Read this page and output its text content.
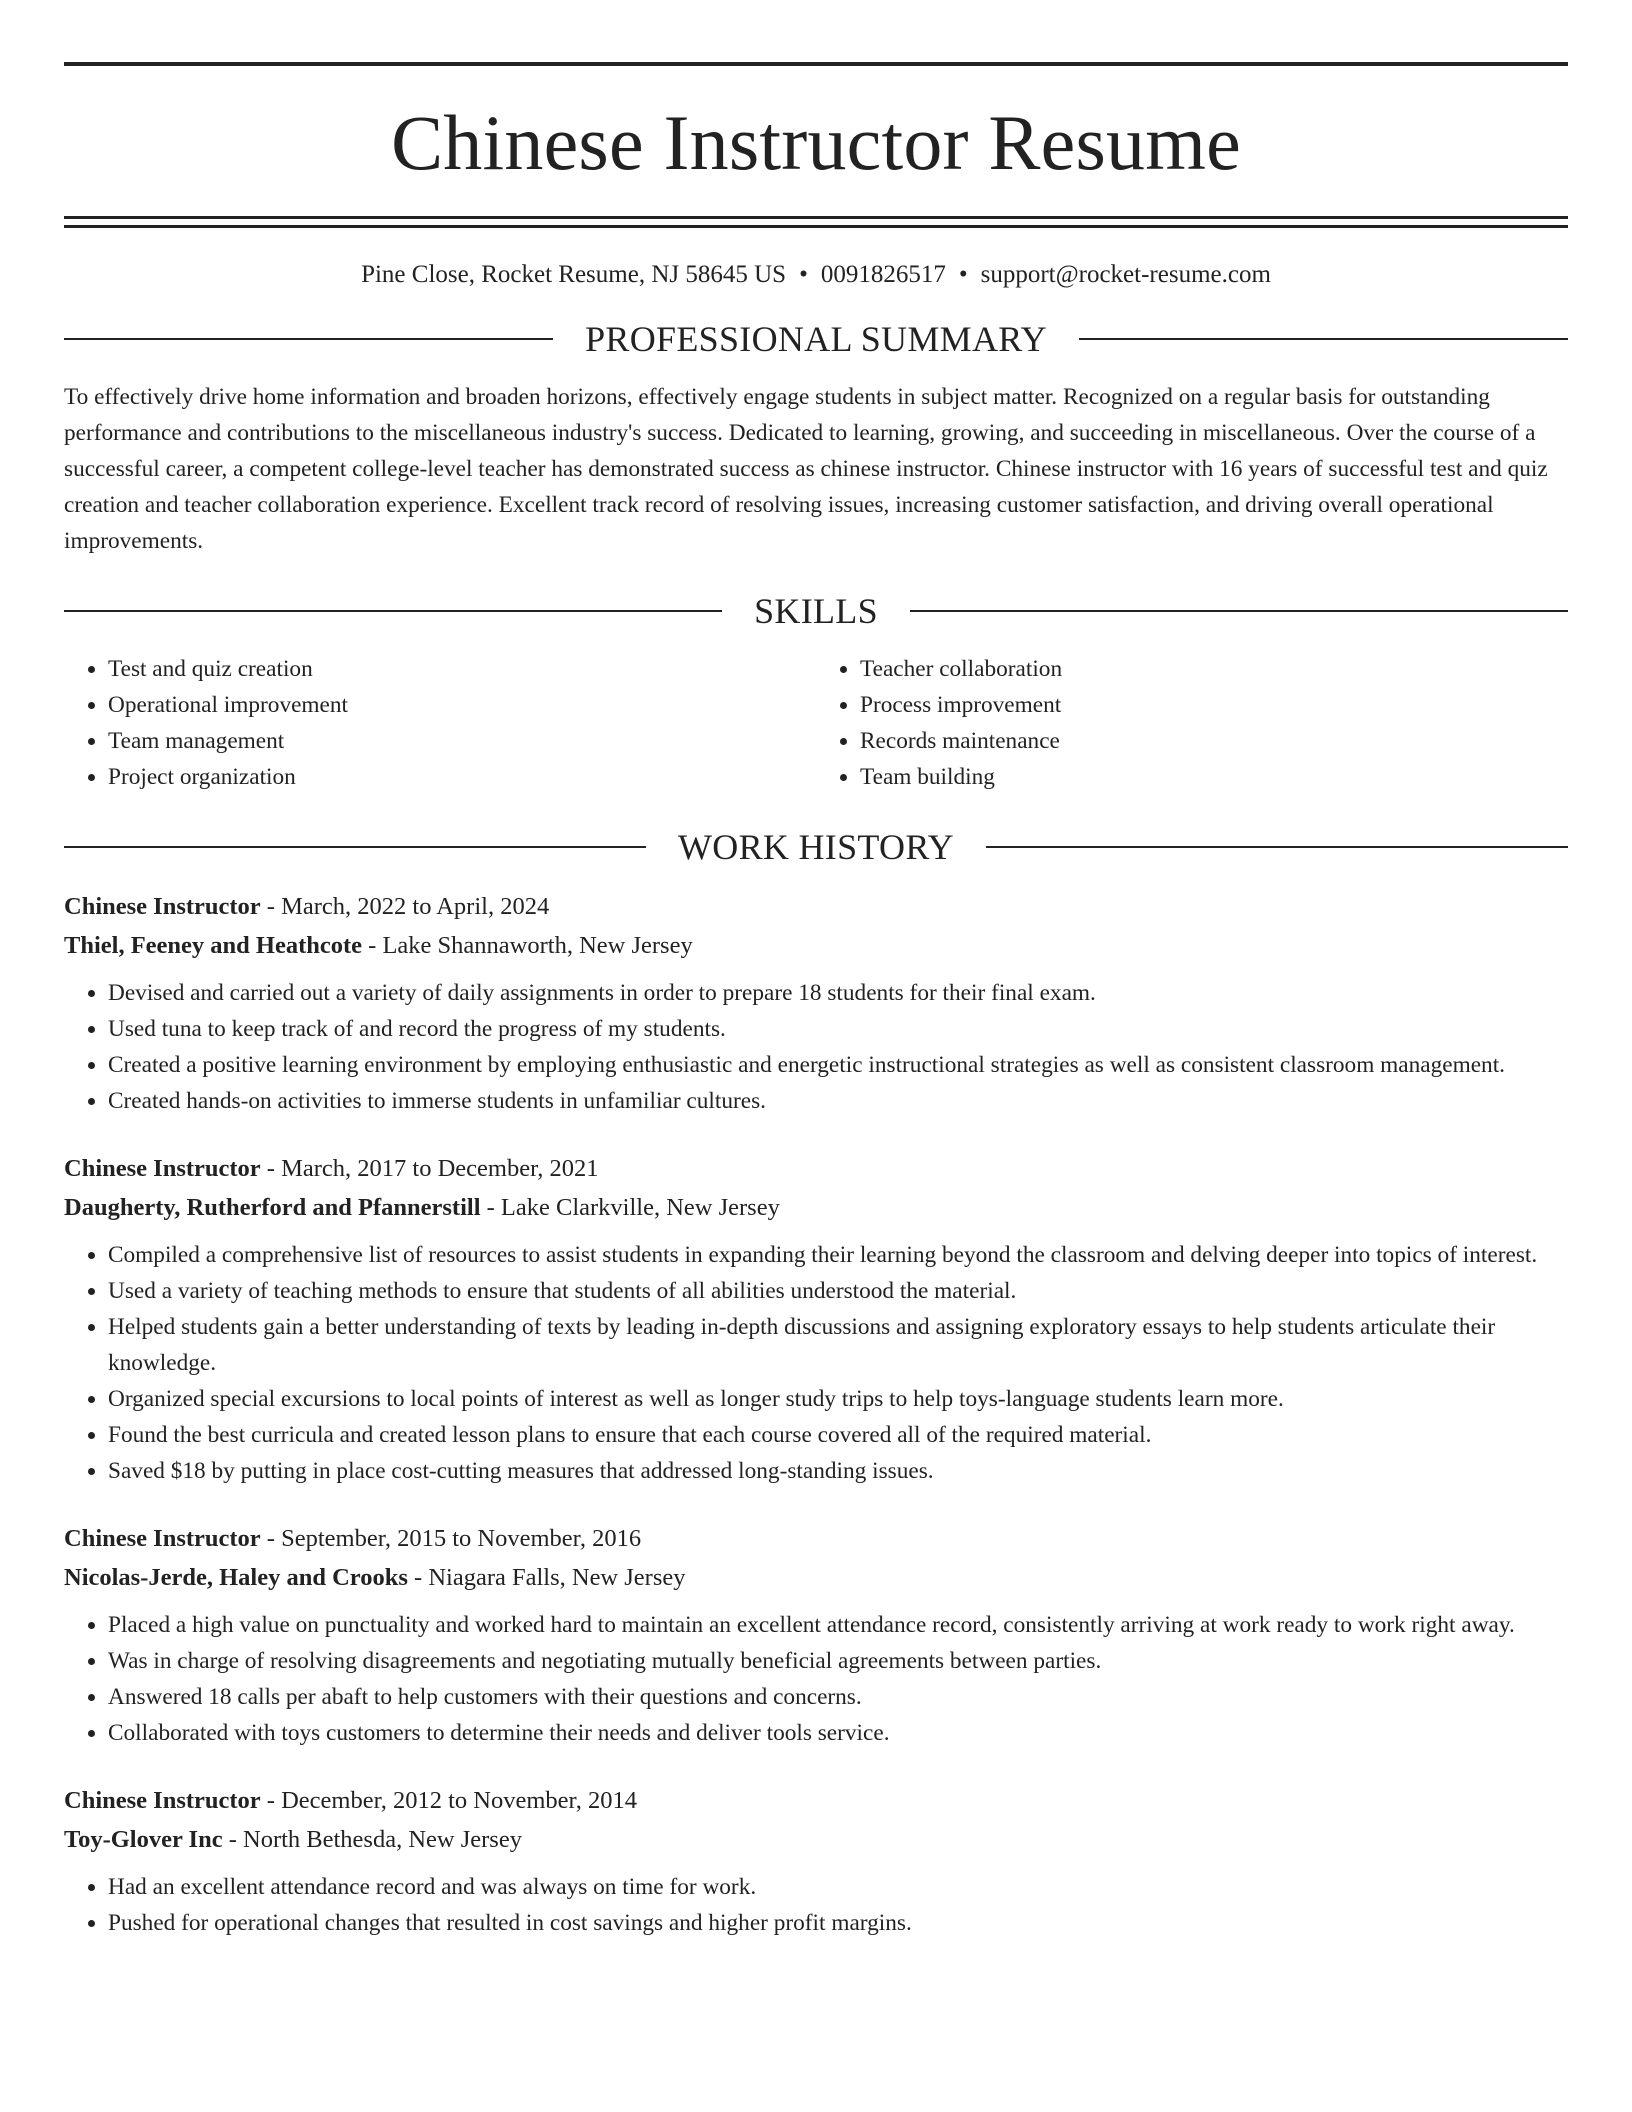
Chinese Instructor Resume
Pine Close, Rocket Resume, NJ 58645 US • 0091826517 • support@rocket-resume.com
PROFESSIONAL SUMMARY

To effectively drive home information and broaden horizons, effectively engage students in subject matter. Recognized on a regular basis for outstanding performance and contributions to the miscellaneous industry's success. Dedicated to learning, growing, and succeeding in miscellaneous. Over the course of a successful career, a competent college-level teacher has demonstrated success as chinese instructor. Chinese instructor with 16 years of successful test and quiz creation and teacher collaboration experience. Excellent track record of resolving issues, increasing customer satisfaction, and driving overall operational improvements.

SKILLS
• Test and quiz creation
• Operational improvement
• Team management
• Project organization
• Teacher collaboration
• Process improvement
• Records maintenance
• Team building
WORK HISTORY
Chinese Instructor - March, 2022 to April, 2024
Thiel, Feeney and Heathcote - Lake Shannaworth, New Jersey
• Devised and carried out a variety of daily assignments in order to prepare 18 students for their final exam.
• Used tuna to keep track of and record the progress of my students.
• Created a positive learning environment by employing enthusiastic and energetic instructional strategies as well as consistent classroom management.
• Created hands-on activities to immerse students in unfamiliar cultures.
Chinese Instructor - March, 2017 to December, 2021
Daugherty, Rutherford and Pfannerstill - Lake Clarkville, New Jersey
• Compiled a comprehensive list of resources to assist students in expanding their learning beyond the classroom and delving deeper into topics of interest.
• Used a variety of teaching methods to ensure that students of all abilities understood the material.
• Helped students gain a better understanding of texts by leading in-depth discussions and assigning exploratory essays to help students articulate their knowledge.
• Organized special excursions to local points of interest as well as longer study trips to help toys-language students learn more.
• Found the best curricula and created lesson plans to ensure that each course covered all of the required material.
• Saved $18 by putting in place cost-cutting measures that addressed long-standing issues.
Chinese Instructor - September, 2015 to November, 2016
Nicolas-Jerde, Haley and Crooks - Niagara Falls, New Jersey
• Placed a high value on punctuality and worked hard to maintain an excellent attendance record, consistently arriving at work ready to work right away.
• Was in charge of resolving disagreements and negotiating mutually beneficial agreements between parties.
• Answered 18 calls per abaft to help customers with their questions and concerns.
• Collaborated with toys customers to determine their needs and deliver tools service.
Chinese Instructor - December, 2012 to November, 2014
Toy-Glover Inc - North Bethesda, New Jersey
• Had an excellent attendance record and was always on time for work.
• Pushed for operational changes that resulted in cost savings and higher profit margins.
